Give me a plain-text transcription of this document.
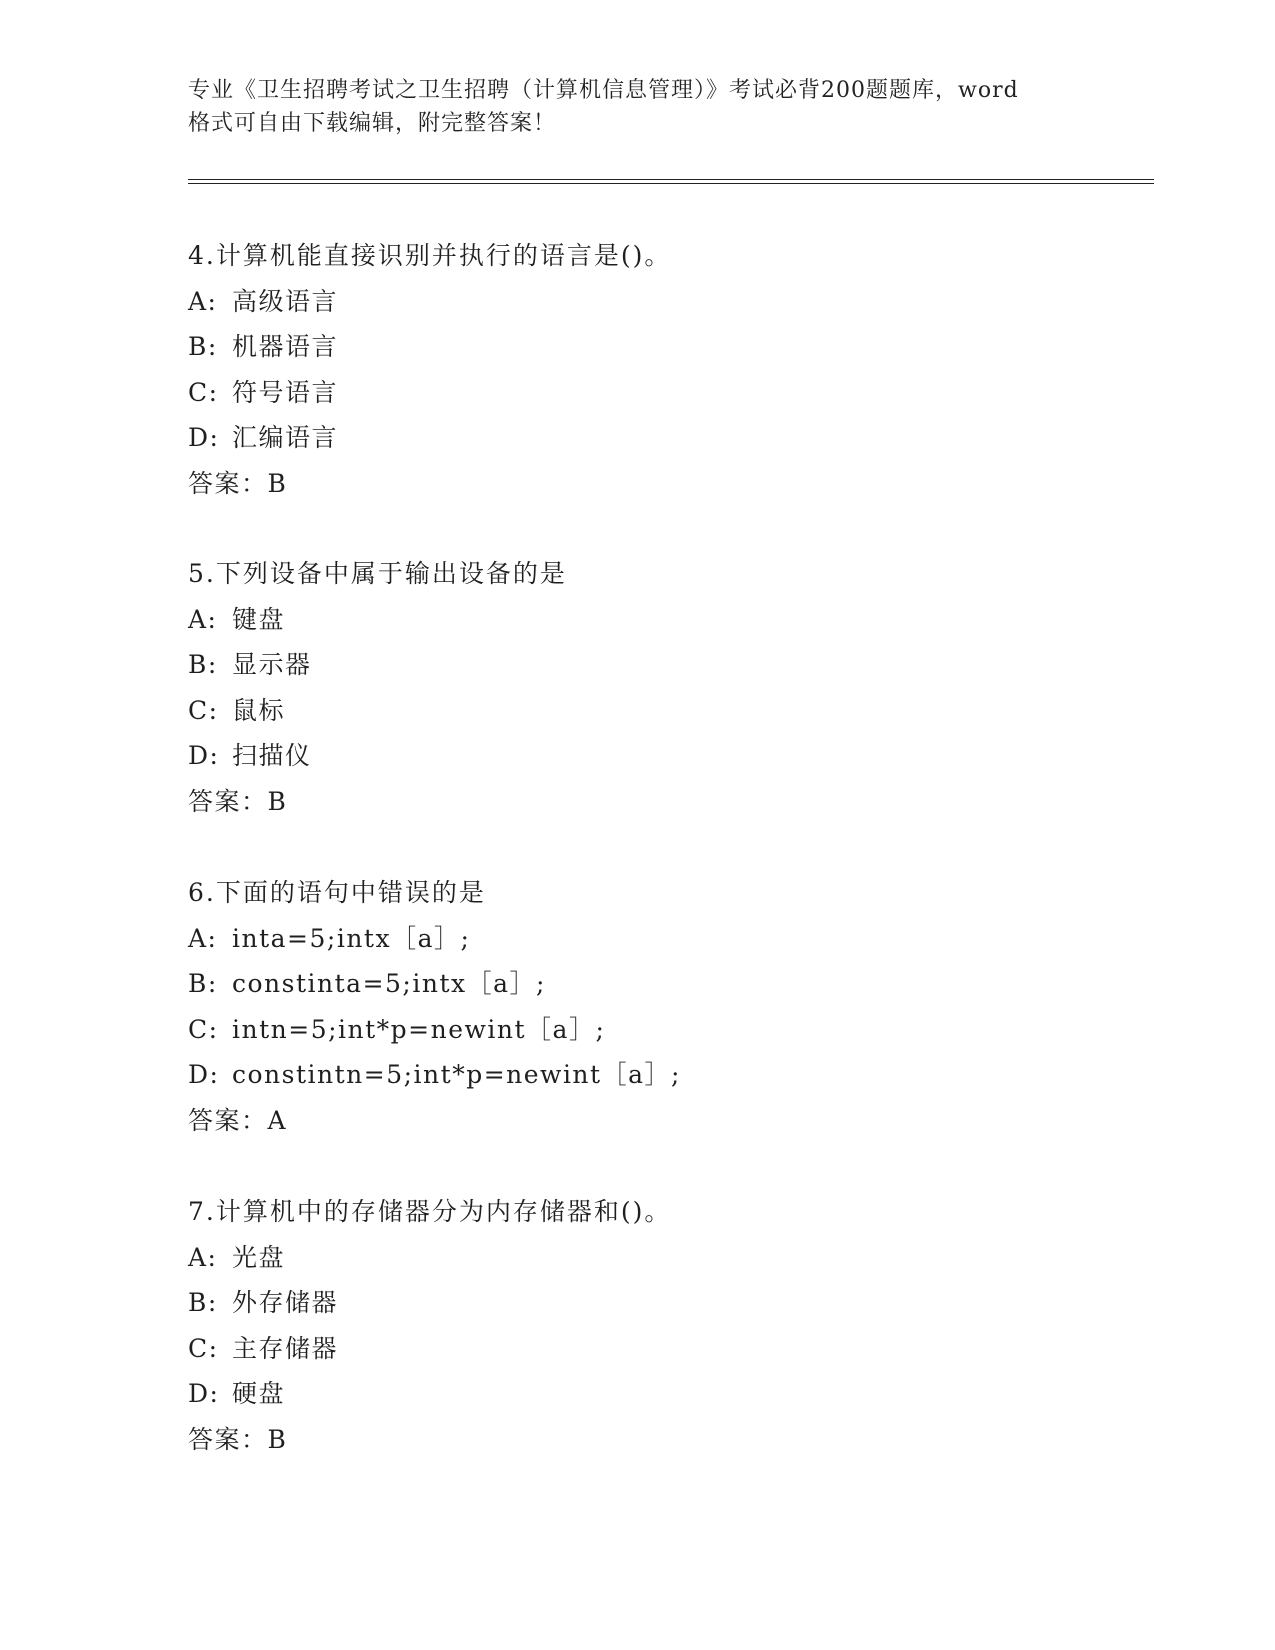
专业《卫生招聘考试之卫生招聘（计算机信息管理）》考试必背200题题库，word
格式可自由下载编辑，附完整答案！
4.计算机能直接识别并执行的语言是()。
A: 高级语言
B: 机器语言
C: 符号语言
D: 汇编语言
答案：B
5.下列设备中属于输出设备的是
A: 键盘
B: 显示器
C: 鼠标
D: 扫描仪
答案：B
6.下面的语句中错误的是
A: inta=5;intx［a］;
B: constinta=5;intx［a］;
C: intn=5;int*p=newint［a］;
D: constintn=5;int*p=newint［a］;
答案：A
7.计算机中的存储器分为内存储器和()。
A: 光盘
B: 外存储器
C: 主存储器
D: 硬盘
答案：B
